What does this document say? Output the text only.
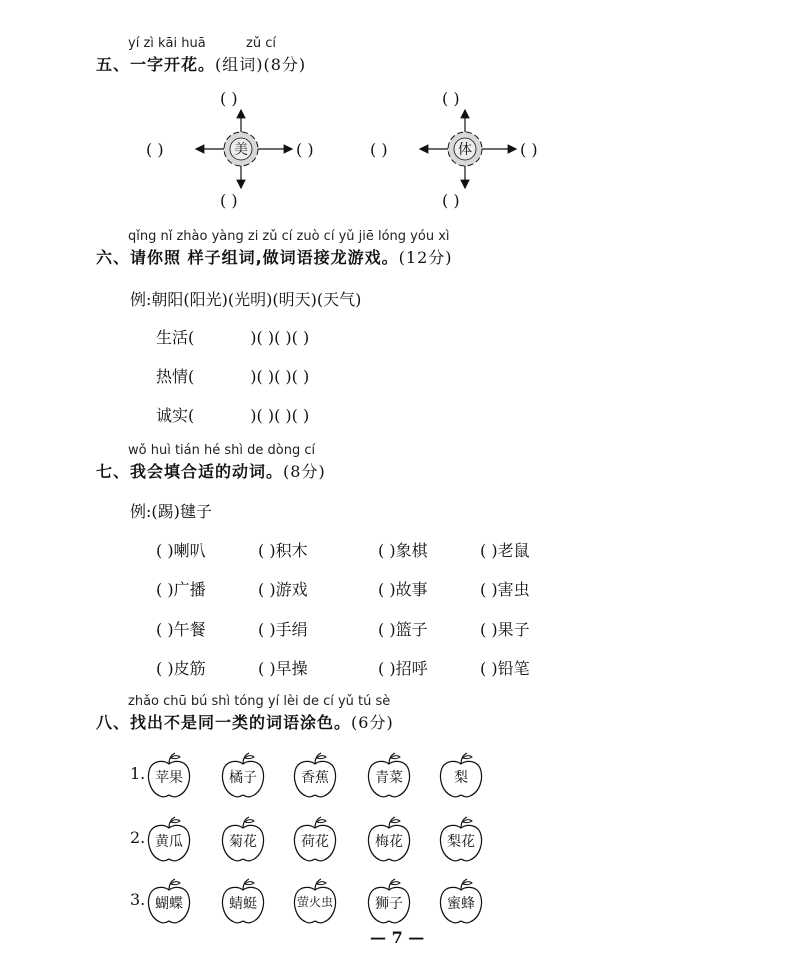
yí zì kāi huā	zǔ cí
五、一字开花。(组词)(8分)
美	体
( )
( )
( )	( )
( )
( )
( )	( )
qǐng nǐ zhào yàng zi zǔ cí zuò cí yǔ jiē lóng yóu xì
六、请你照 样子组词,做词语接龙游戏。(12分)
例:朝阳(阳光)(光明)(明天)(天气)
生活(	)( )( )( )
热情(	)( )( )( )
诚实(	)( )( )( )
wǒ huì tián hé shì de dòng cí
七、我会填合适的动词。(8分)
例:(踢)毽子
( )喇叭	( )积木	( )象棋	( )老鼠
( )广播	( )游戏	( )故事	( )害虫
( )午餐	( )手绢	( )篮子	( )果子
( )皮筋	( )早操	( )招呼	( )铅笔
zhǎo chū bú shì tóng yí lèi de cí yǔ tú sè
八、找出不是同一类的词语涂色。(6分)
1. 苹果	橘子	香蕉	青菜	梨
2. 黄瓜	菊花	荷花	梅花	梨花
3. 蝴蝶	蜻蜓	萤火虫	狮子	蜜蜂
— 7 —
